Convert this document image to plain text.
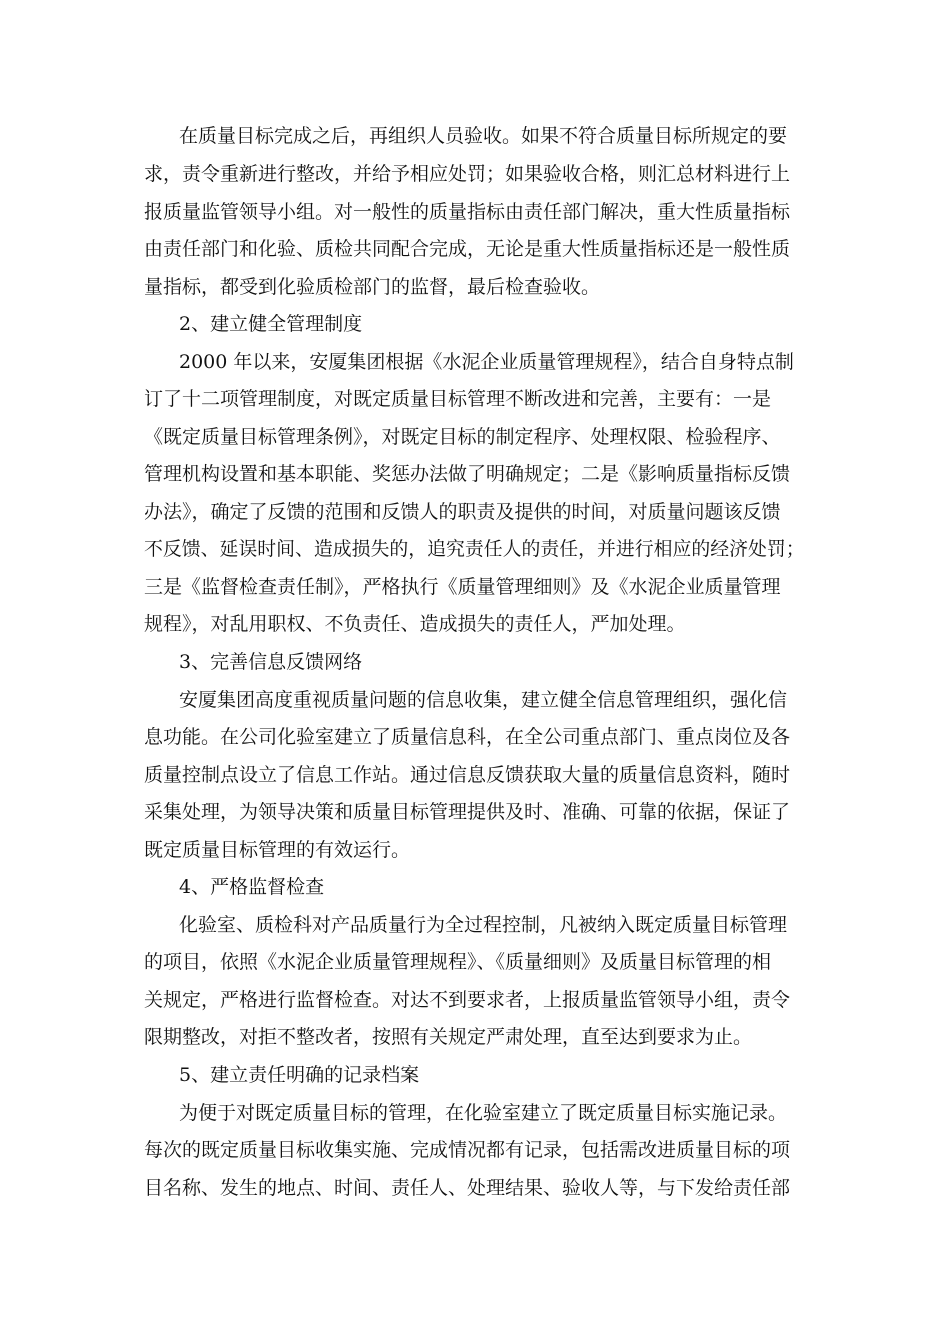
在质量目标完成之后，再组织人员验收。如果不符合质量目标所规定的要

求，责令重新进行整改，并给予相应处罚；如果验收合格，则汇总材料进行上

报质量监管领导小组。对一般性的质量指标由责任部门解决，重大性质量指标

由责任部门和化验、质检共同配合完成，无论是重大性质量指标还是一般性质

量指标，都受到化验质检部门的监督，最后检查验收。

2、建立健全管理制度

2000 年以来，安厦集团根据《水泥企业质量管理规程》，结合自身特点制

订了十二项管理制度，对既定质量目标管理不断改进和完善，主要有：一是

《既定质量目标管理条例》，对既定目标的制定程序、处理权限、检验程序、

管理机构设置和基本职能、奖惩办法做了明确规定；二是《影响质量指标反馈

办法》，确定了反馈的范围和反馈人的职责及提供的时间，对质量问题该反馈

不反馈、延误时间、造成损失的，追究责任人的责任，并进行相应的经济处罚；

三是《监督检查责任制》，严格执行《质量管理细则》及《水泥企业质量管理

规程》，对乱用职权、不负责任、造成损失的责任人，严加处理。

3、完善信息反馈网络

安厦集团高度重视质量问题的信息收集，建立健全信息管理组织，强化信

息功能。在公司化验室建立了质量信息科，在全公司重点部门、重点岗位及各

质量控制点设立了信息工作站。通过信息反馈获取大量的质量信息资料，随时

采集处理，为领导决策和质量目标管理提供及时、准确、可靠的依据，保证了

既定质量目标管理的有效运行。

4、严格监督检查

化验室、质检科对产品质量行为全过程控制，凡被纳入既定质量目标管理

的项目，依照《水泥企业质量管理规程》、《质量细则》及质量目标管理的相

关规定，严格进行监督检查。对达不到要求者，上报质量监管领导小组，责令

限期整改，对拒不整改者，按照有关规定严肃处理，直至达到要求为止。

5、建立责任明确的记录档案

为便于对既定质量目标的管理，在化验室建立了既定质量目标实施记录。

每次的既定质量目标收集实施、完成情况都有记录，包括需改进质量目标的项

目名称、发生的地点、时间、责任人、处理结果、验收人等，与下发给责任部
